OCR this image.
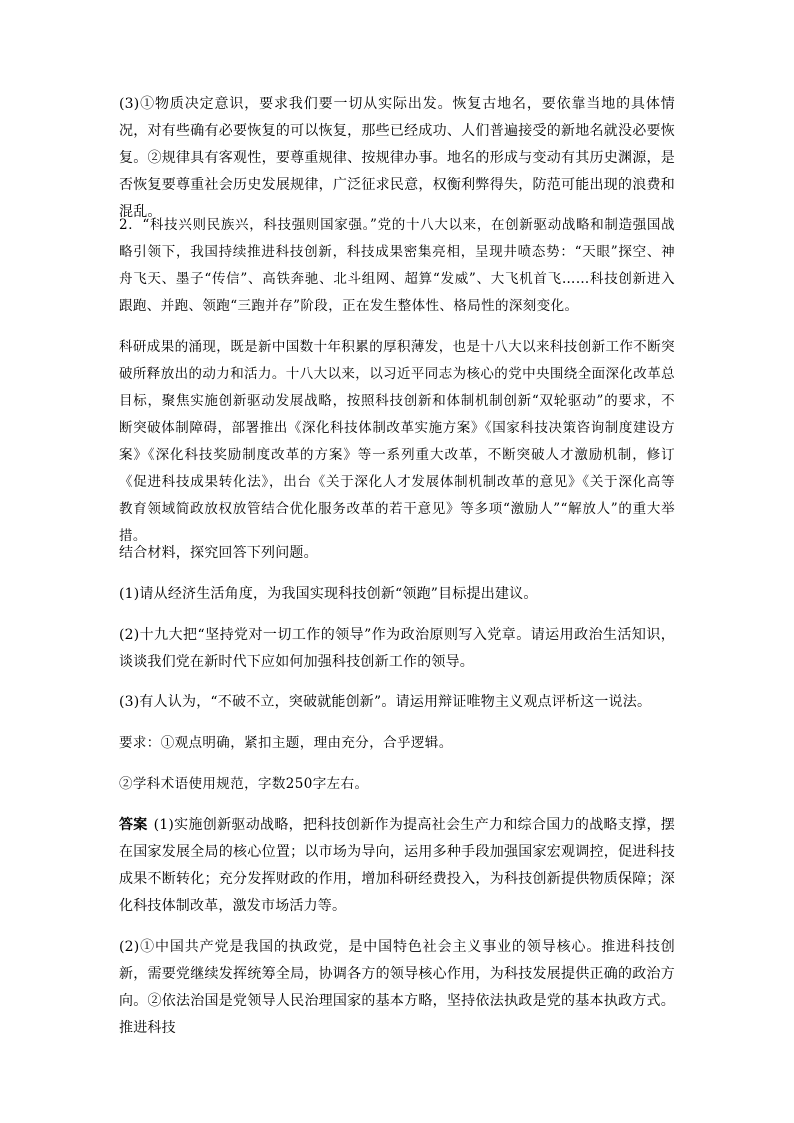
(3)①物质决定意识，要求我们要一切从实际出发。恢复古地名，要依靠当地的具体情况，对有些确有必要恢复的可以恢复，那些已经成功、人们普遍接受的新地名就没必要恢复。②规律具有客观性，要尊重规律、按规律办事。地名的形成与变动有其历史渊源，是否恢复要尊重社会历史发展规律，广泛征求民意，权衡利弊得失，防范可能出现的浪费和混乱。

2．“科技兴则民族兴，科技强则国家强。”党的十八大以来，在创新驱动战略和制造强国战略引领下，我国持续推进科技创新，科技成果密集亮相，呈现井喷态势：“天眼”探空、神舟飞天、墨子“传信”、高铁奔驰、北斗组网、超算“发威”、大飞机首飞……科技创新进入跟跑、并跑、领跑“三跑并存”阶段，正在发生整体性、格局性的深刻变化。

科研成果的涌现，既是新中国数十年积累的厚积薄发，也是十八大以来科技创新工作不断突破所释放出的动力和活力。十八大以来，以习近平同志为核心的党中央围绕全面深化改革总目标，聚焦实施创新驱动发展战略，按照科技创新和体制机制创新“双轮驱动”的要求，不断突破体制障碍，部署推出《深化科技体制改革实施方案》《国家科技决策咨询制度建设方案》《深化科技奖励制度改革的方案》等一系列重大改革，不断突破人才激励机制，修订《促进科技成果转化法》，出台《关于深化人才发展体制机制改革的意见》《关于深化高等教育领域简政放权放管结合优化服务改革的若干意见》等多项“激励人”“解放人”的重大举措。

结合材料，探究回答下列问题。

(1)请从经济生活角度，为我国实现科技创新“领跑”目标提出建议。

(2)十九大把“坚持党对一切工作的领导”作为政治原则写入党章。请运用政治生活知识，谈谈我们党在新时代下应如何加强科技创新工作的领导。

(3)有人认为，“不破不立，突破就能创新”。请运用辩证唯物主义观点评析这一说法。

要求：①观点明确，紧扣主题，理由充分，合乎逻辑。

②学科术语使用规范，字数250字左右。

答案 (1)实施创新驱动战略，把科技创新作为提高社会生产力和综合国力的战略支撑，摆在国家发展全局的核心位置；以市场为导向，运用多种手段加强国家宏观调控，促进科技成果不断转化；充分发挥财政的作用，增加科研经费投入，为科技创新提供物质保障；深化科技体制改革，激发市场活力等。

(2)①中国共产党是我国的执政党，是中国特色社会主义事业的领导核心。推进科技创新，需要党继续发挥统筹全局，协调各方的领导核心作用，为科技发展提供正确的政治方向。②依法治国是党领导人民治理国家的基本方略，坚持依法执政是党的基本执政方式。推进科技
